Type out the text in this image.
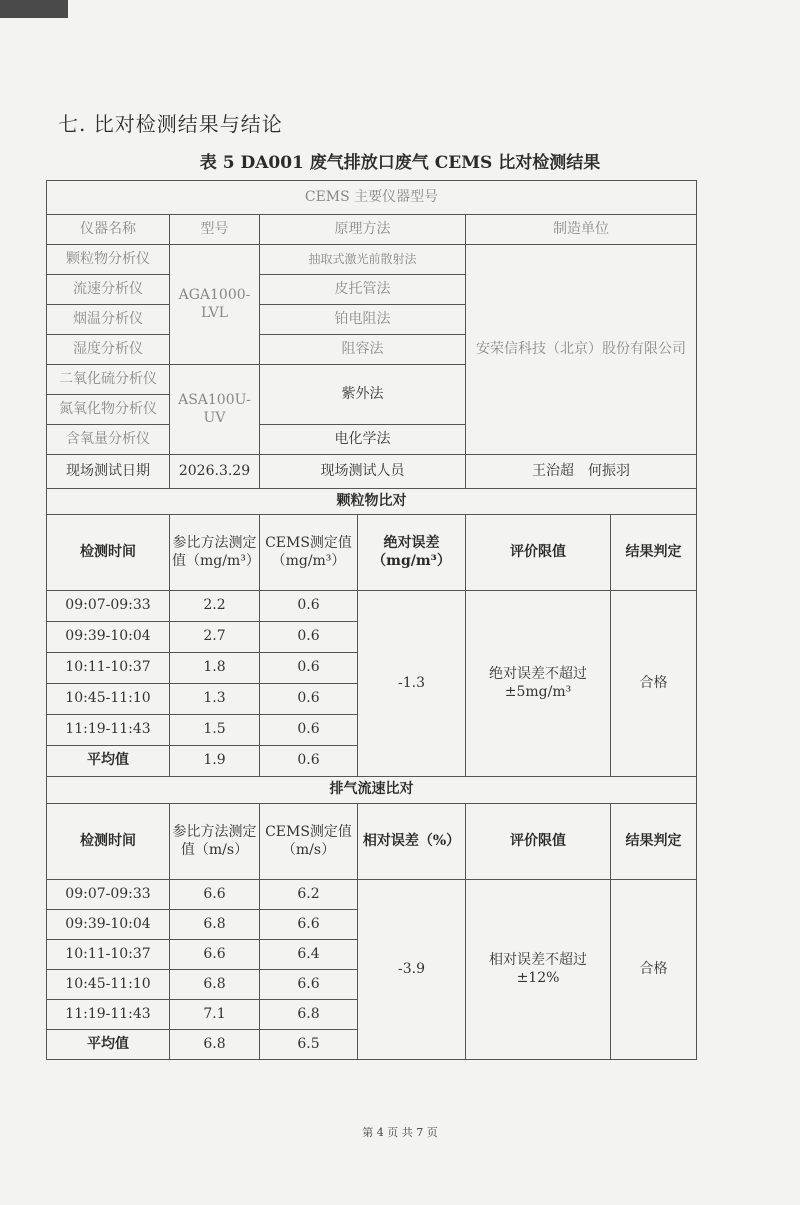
七. 比对检测结果与结论
表 5 DA001 废气排放口废气 CEMS 比对检测结果
CEMS 主要仪器型号					
仪器名称	型号	原理方法		制造单位	
颗粒物分析仪	AGA1000-LVL	抽取式激光前散射法		安荣信科技（北京）股份有限公司	
流速分析仪		皮托管法			
烟温分析仪		铂电阻法			
湿度分析仪		阻容法			
二氧化硫分析仪	ASA100U-UV	紫外法			
氮氧化物分析仪					
含氧量分析仪		电化学法			
现场测试日期	2026.3.29	现场测试人员		王治超　何振羽	
颗粒物比对					
检测时间	参比方法测定值（mg/m³）	CEMS测定值（mg/m³）	绝对误差（mg/m³）	评价限值	结果判定
09:07-09:33	2.2	0.6	-1.3	绝对误差不超过±5mg/m³	合格
09:39-10:04	2.7	0.6			
10:11-10:37	1.8	0.6			
10:45-11:10	1.3	0.6			
11:19-11:43	1.5	0.6			
平均值	1.9	0.6			
排气流速比对					
检测时间	参比方法测定值（m/s）	CEMS测定值（m/s）	相对误差（%）	评价限值	结果判定
09:07-09:33	6.6	6.2	-3.9	相对误差不超过±12%	合格
09:39-10:04	6.8	6.6			
10:11-10:37	6.6	6.4			
10:45-11:10	6.8	6.6			
11:19-11:43	7.1	6.8			
平均值	6.8	6.5			
第 4 页 共 7 页
